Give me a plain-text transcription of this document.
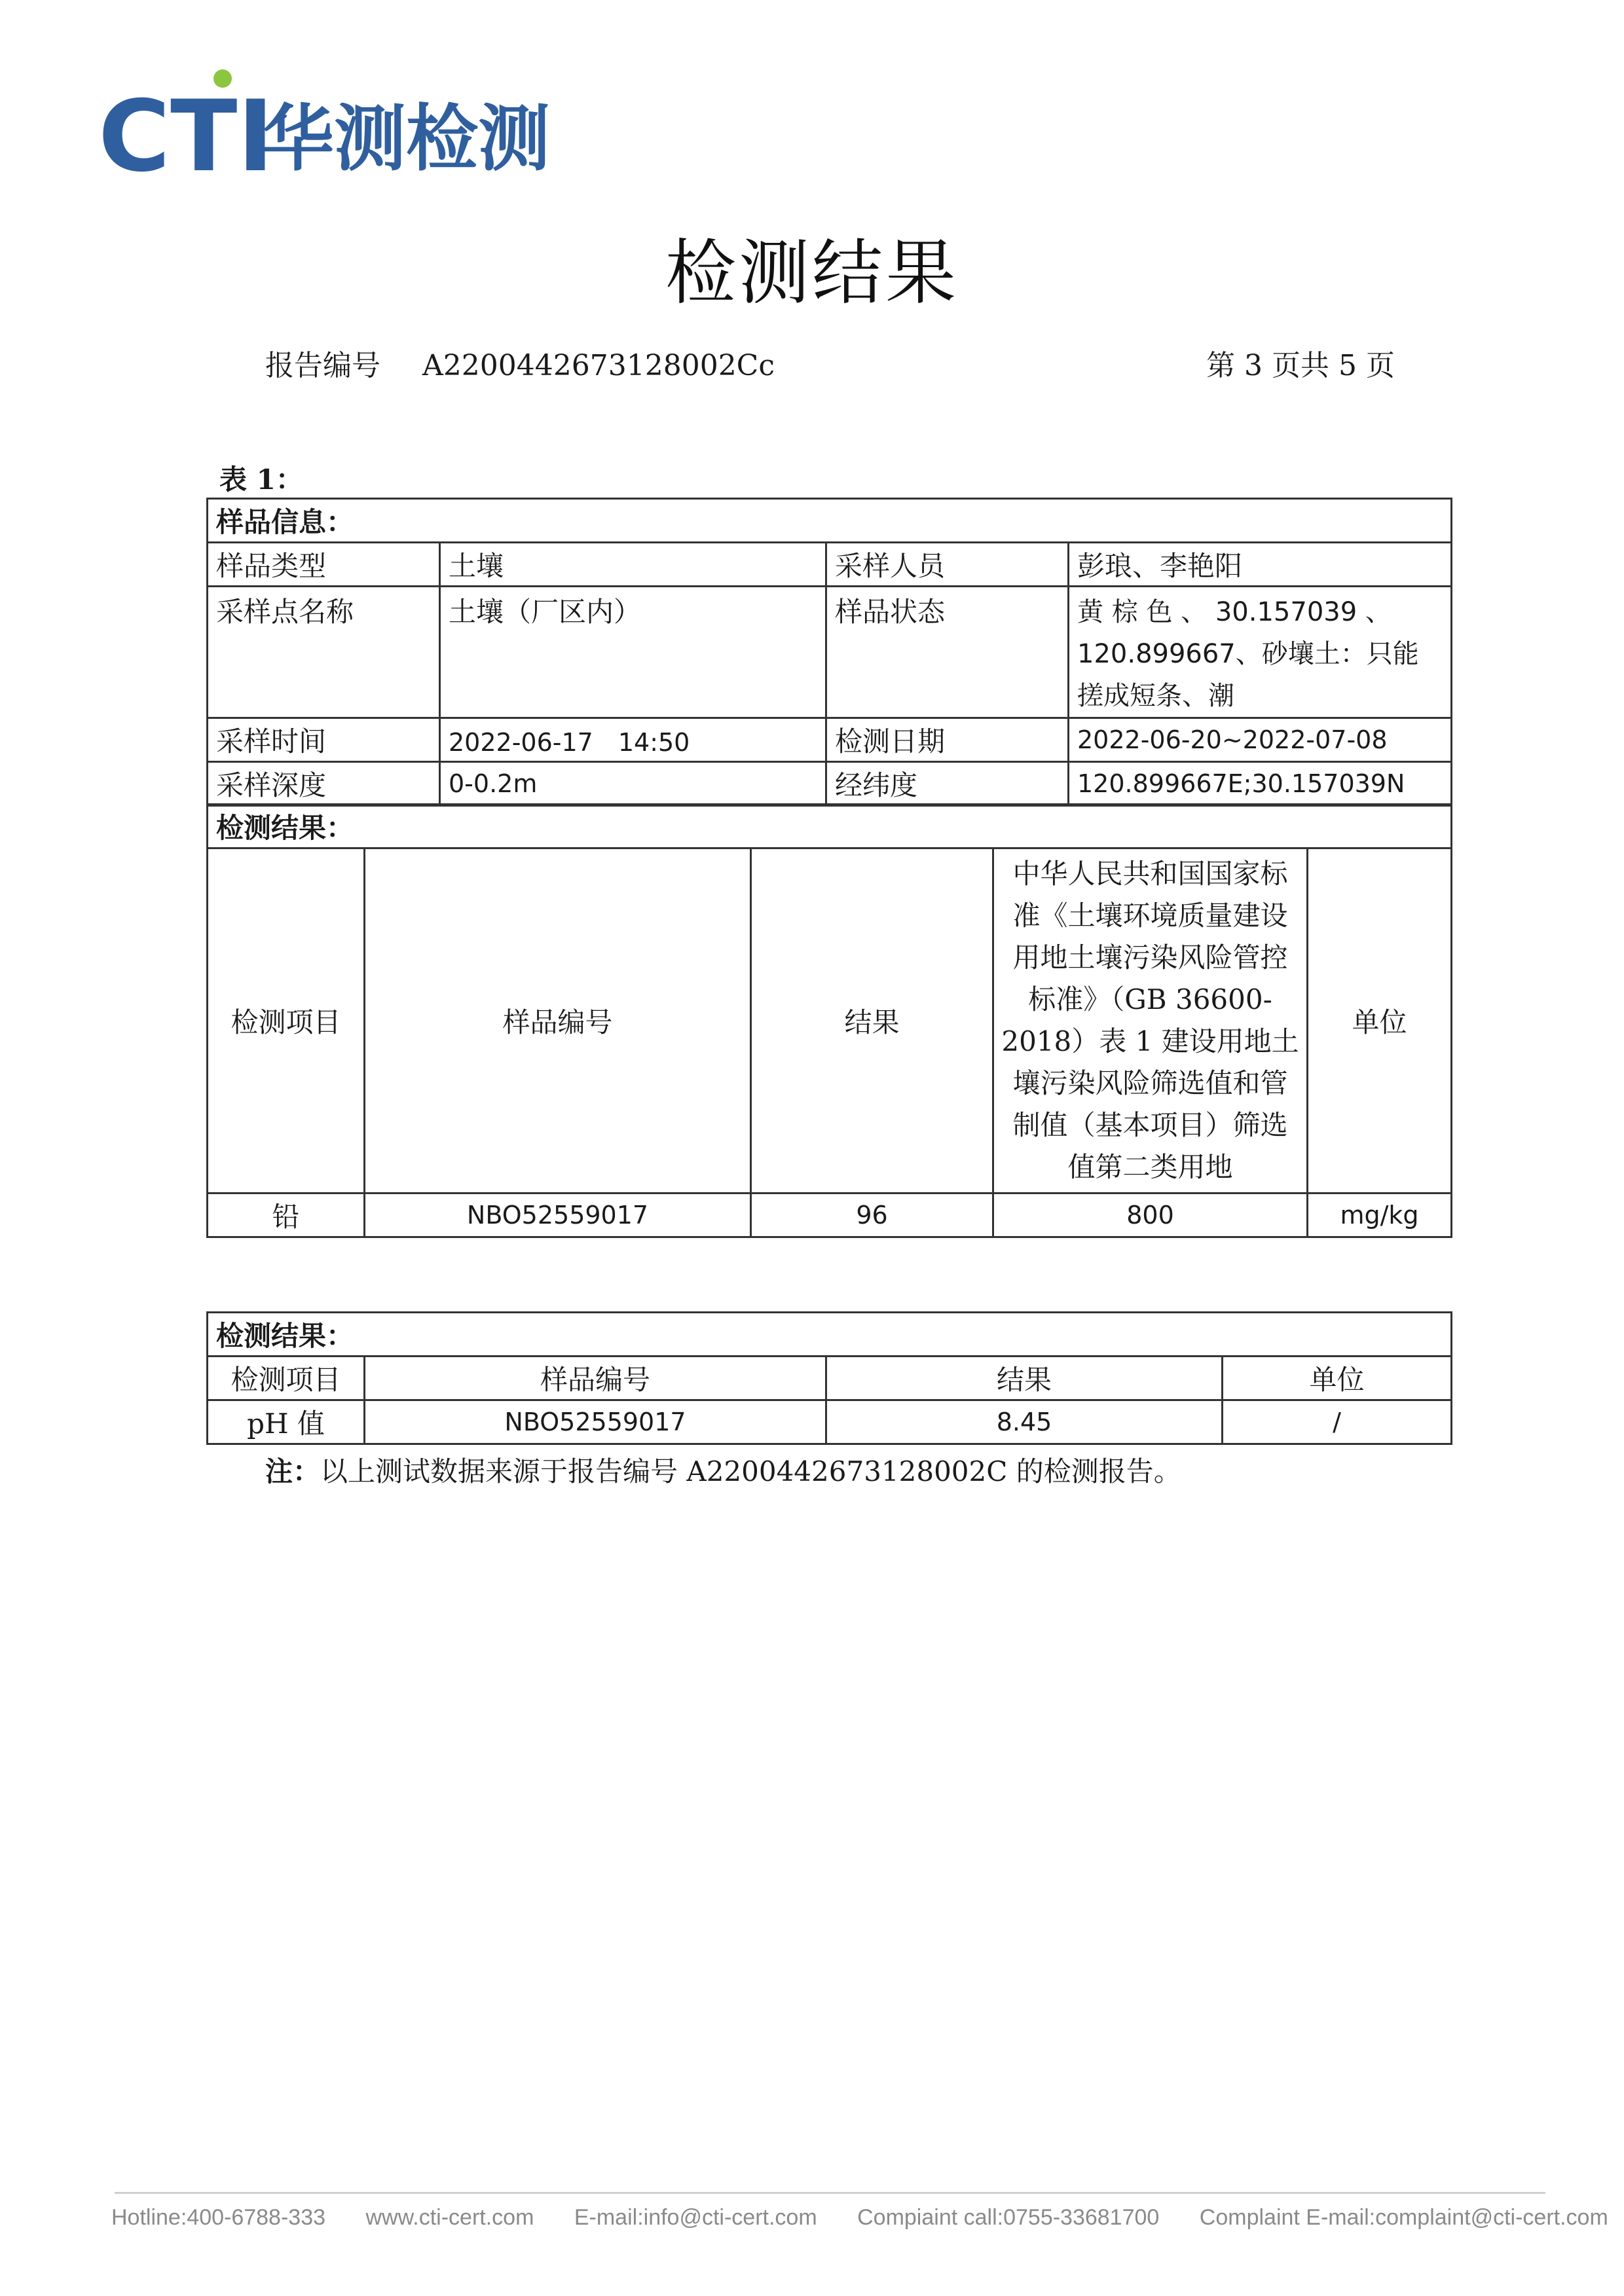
CTI
华测检测
检测结果
报告编号 A2200442673128002Cc	第 3 页共 5 页
表 1：
样品信息：			
样品类型	土壤	采样人员	彭琅、李艳阳
采样点名称	土壤（厂区内）	样品状态	黄 棕 色 、 30.157039 、 120.899667、砂壤土：只能搓成短条、潮
采样时间	2022-06-17　14:50	检测日期	2022-06-20~2022-07-08
采样深度	0-0.2m	经纬度	120.899667E;30.157039N
检测结果：				
检测项目	样品编号	结果	中华人民共和国国家标准《土壤环境质量建设用地土壤污染风险管控标准》（GB 36600-2018）表 1 建设用地土壤污染风险筛选值和管制值（基本项目）筛选值第二类用地	单位
铅	NBO52559017	96	800	mg/kg
检测结果：			
检测项目	样品编号	结果	单位
pH 值	NBO52559017	8.45	/
注：以上测试数据来源于报告编号 A2200442673128002C 的检测报告。
Hotline:400-6788-333 www.cti-cert.com E-mail:info@cti-cert.com Compiaint call:0755-33681700 Complaint E-mail:complaint@cti-cert.com
